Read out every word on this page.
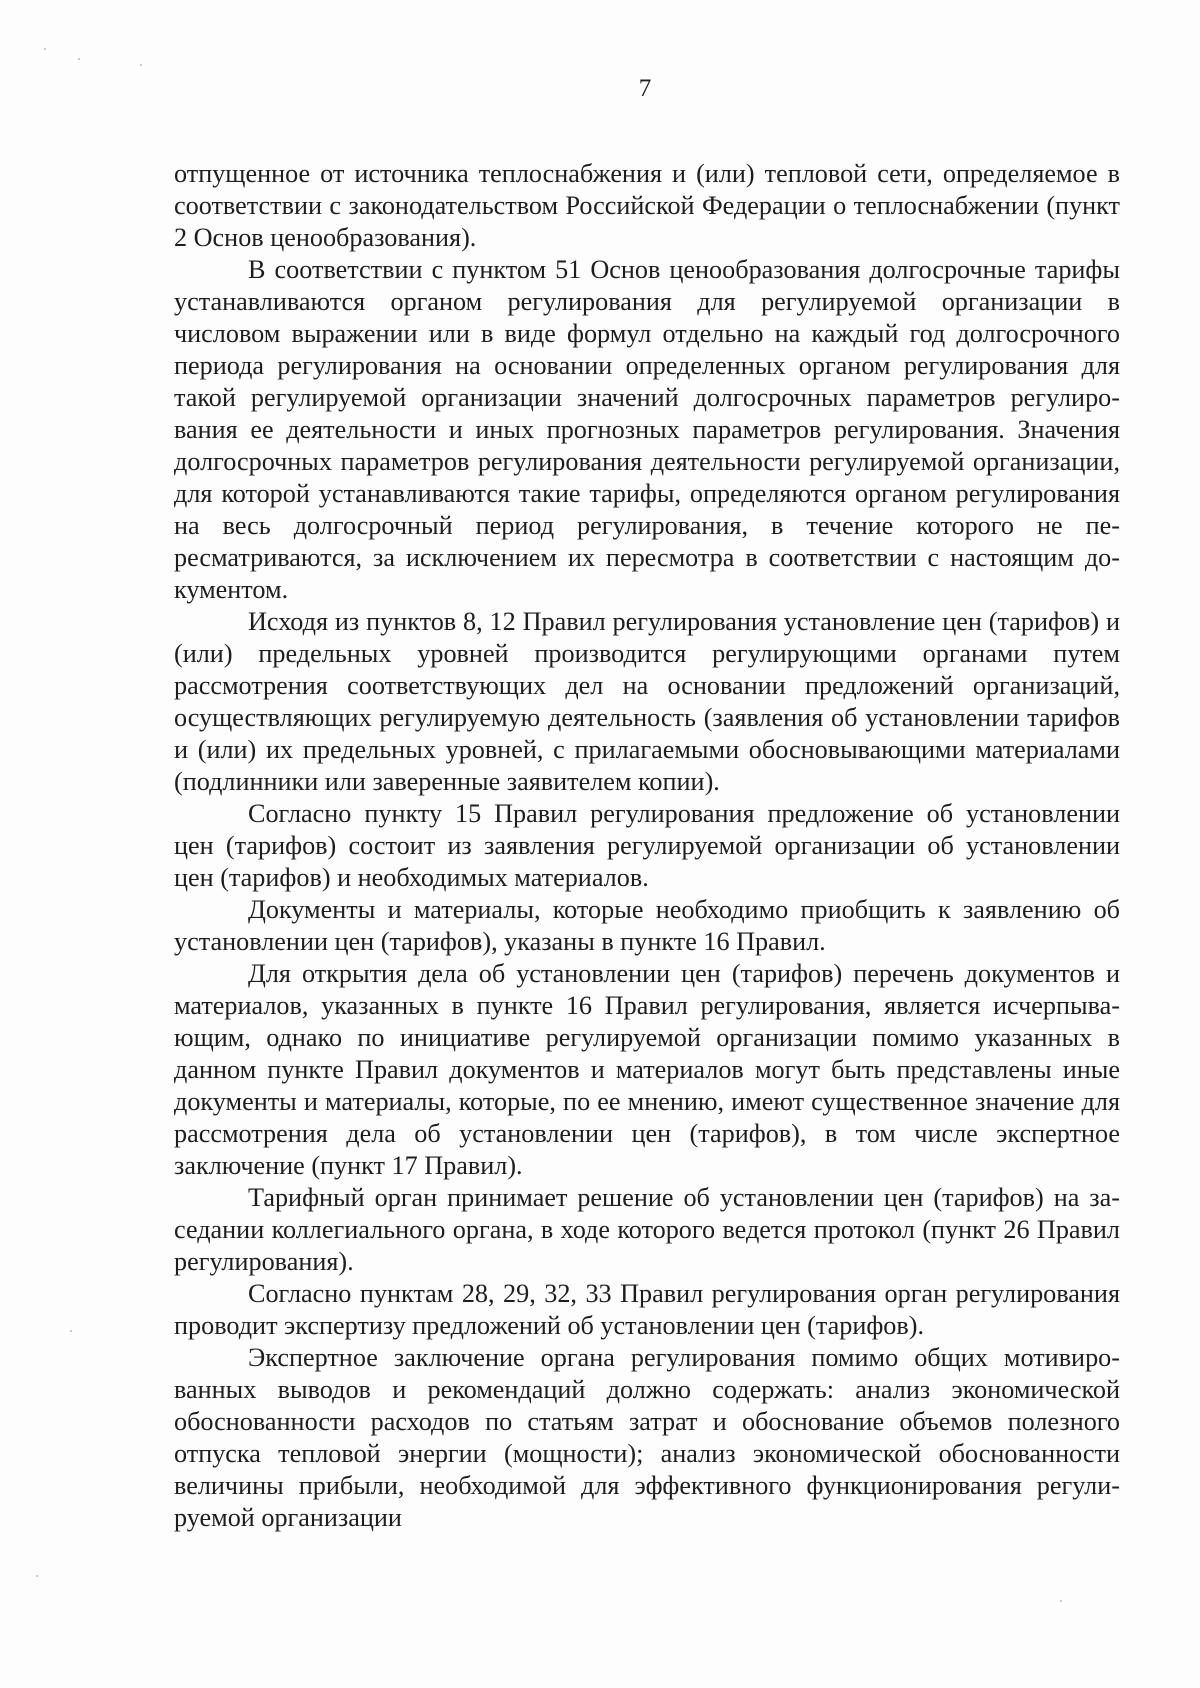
7

отпущенное от источника теплоснабжения и (или) тепловой сети, определяемое в соответствии с законодательством Российской Федерации о теплоснабжении (пункт 2 Основ ценообразования).

В соответствии с пунктом 51 Основ ценообразования долгосрочные тарифы устанавливаются органом регулирования для регулируемой организации в числовом выражении или в виде формул отдельно на каждый год долгосрочного периода регулирования на основании определенных органом регулирования для такой регулируемой организации значений долгосрочных параметров регулирования ее деятельности и иных прогнозных параметров регулирования. Значения долгосрочных параметров регулирования деятельности регулируемой организации, для которой устанавливаются такие тарифы, определяются органом регулирования на весь долгосрочный период регулирования, в течение которого не пересматриваются, за исключением их пересмотра в соответствии с настоящим документом.

Исходя из пунктов 8, 12 Правил регулирования установление цен (тарифов) и (или) предельных уровней производится регулирующими органами путем рассмотрения соответствующих дел на основании предложений организаций, осуществляющих регулируемую деятельность (заявления об установлении тарифов и (или) их предельных уровней, с прилагаемыми обосновывающими материалами (подлинники или заверенные заявителем копии).

Согласно пункту 15 Правил регулирования предложение об установлении цен (тарифов) состоит из заявления регулируемой организации об установлении цен (тарифов) и необходимых материалов.

Документы и материалы, которые необходимо приобщить к заявлению об установлении цен (тарифов), указаны в пункте 16 Правил.

Для открытия дела об установлении цен (тарифов) перечень документов и материалов, указанных в пункте 16 Правил регулирования, является исчерпывающим, однако по инициативе регулируемой организации помимо указанных в данном пункте Правил документов и материалов могут быть представлены иные документы и материалы, которые, по ее мнению, имеют существенное значение для рассмотрения дела об установлении цен (тарифов), в том числе экспертное заключение (пункт 17 Правил).

Тарифный орган принимает решение об установлении цен (тарифов) на заседании коллегиального органа, в ходе которого ведется протокол (пункт 26 Правил регулирования).

Согласно пунктам 28, 29, 32, 33 Правил регулирования орган регулирования проводит экспертизу предложений об установлении цен (тарифов).

Экспертное заключение органа регулирования помимо общих мотивированных выводов и рекомендаций должно содержать: анализ экономической обоснованности расходов по статьям затрат и обоснование объемов полезного отпуска тепловой энергии (мощности); анализ экономической обоснованности величины прибыли, необходимой для эффективного функционирования регулируемой организации
